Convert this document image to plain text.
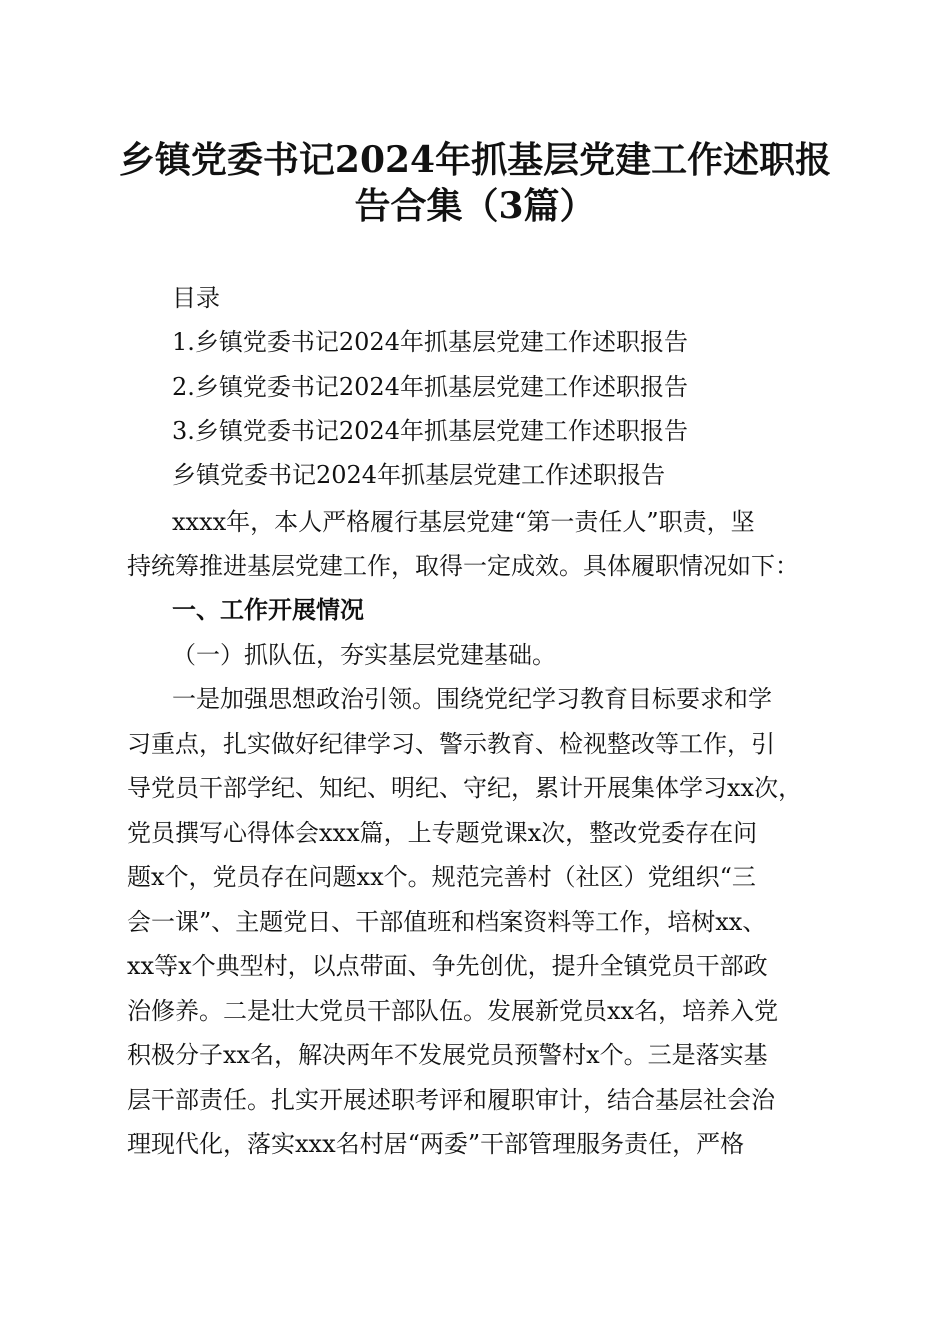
乡镇党委书记2024年抓基层党建工作述职报
告合集（3篇）
目录
1.乡镇党委书记2024年抓基层党建工作述职报告
2.乡镇党委书记2024年抓基层党建工作述职报告
3.乡镇党委书记2024年抓基层党建工作述职报告
乡镇党委书记2024年抓基层党建工作述职报告
xxxx年，本人严格履行基层党建“第一责任人”职责，坚
持统筹推进基层党建工作，取得一定成效。具体履职情况如下：
一、工作开展情况
（一）抓队伍，夯实基层党建基础。
一是加强思想政治引领。围绕党纪学习教育目标要求和学
习重点，扎实做好纪律学习、警示教育、检视整改等工作，引
导党员干部学纪、知纪、明纪、守纪，累计开展集体学习xx次，
党员撰写心得体会xxx篇，上专题党课x次，整改党委存在问
题x个，党员存在问题xx个。规范完善村（社区）党组织“三
会一课”、主题党日、干部值班和档案资料等工作，培树xx、
xx等x个典型村，以点带面、争先创优，提升全镇党员干部政
治修养。二是壮大党员干部队伍。发展新党员xx名，培养入党
积极分子xx名，解决两年不发展党员预警村x个。三是落实基
层干部责任。扎实开展述职考评和履职审计，结合基层社会治
理现代化，落实xxx名村居“两委”干部管理服务责任，严格
